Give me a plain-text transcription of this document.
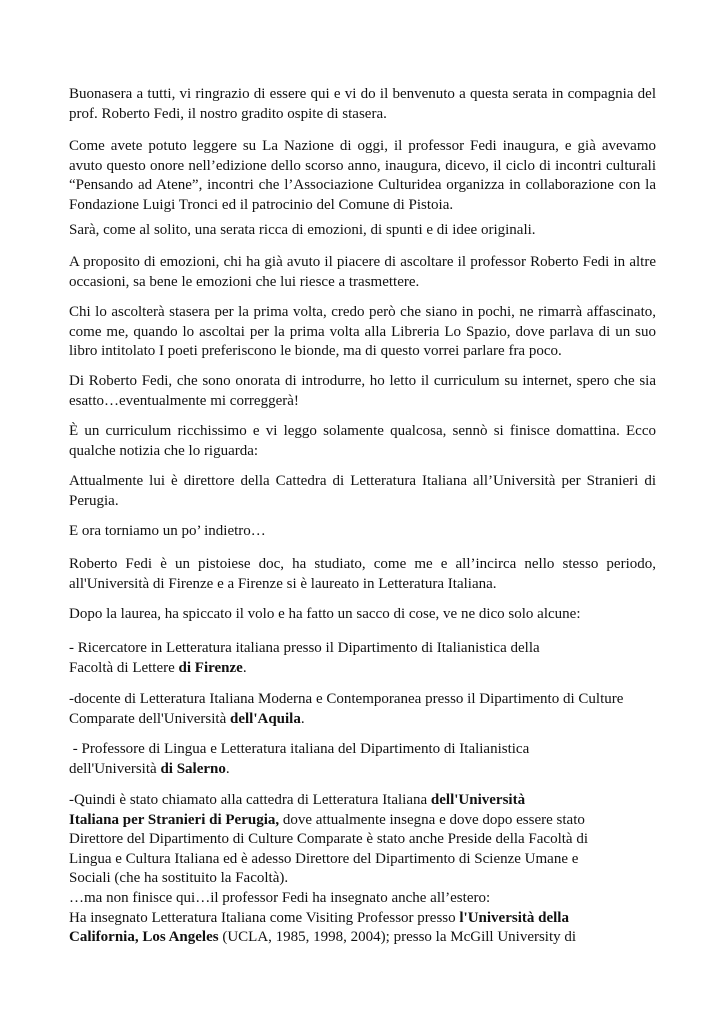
Buonasera a tutti, vi ringrazio di essere qui e vi do il benvenuto a questa serata in compagnia del prof. Roberto Fedi, il nostro gradito ospite di stasera.

Come avete potuto leggere su La Nazione di oggi, il professor Fedi inaugura, e già avevamo avuto questo onore nell’edizione dello scorso anno, inaugura, dicevo, il ciclo di incontri culturali “Pensando ad Atene”, incontri che l’Associazione Culturidea organizza in collaborazione con la Fondazione Luigi Tronci ed il patrocinio del Comune di Pistoia.

Sarà, come al solito, una serata ricca di emozioni, di spunti e di idee originali.

A proposito di emozioni, chi ha già avuto il piacere di ascoltare il professor Roberto Fedi in altre occasioni, sa bene le emozioni che lui riesce a trasmettere.

Chi lo ascolterà stasera per la prima volta, credo però che siano in pochi, ne rimarrà affascinato, come me, quando lo ascoltai per la prima volta alla Libreria Lo Spazio, dove parlava di un suo libro intitolato I poeti preferiscono le bionde, ma di questo vorrei parlare fra poco.

Di Roberto Fedi, che sono onorata di introdurre, ho letto il curriculum su internet, spero che sia esatto…eventualmente mi correggerà!

È un curriculum ricchissimo e vi leggo solamente qualcosa, sennò si finisce domattina. Ecco qualche notizia che lo riguarda:

Attualmente lui è direttore della Cattedra di Letteratura Italiana all’Università per Stranieri di Perugia.

E ora torniamo un po’ indietro…

Roberto Fedi è un pistoiese doc, ha studiato, come me e all’incirca nello stesso periodo, all'Università di Firenze e a Firenze si è laureato in Letteratura Italiana.

Dopo la laurea, ha spiccato il volo e ha fatto un sacco di cose, ve ne dico solo alcune:

- Ricercatore in Letteratura italiana presso il Dipartimento di Italianistica della
Facoltà di Lettere di Firenze.
-docente di Letteratura Italiana Moderna e Contemporanea presso il Dipartimento di Culture
Comparate dell'Università dell'Aquila.
- Professore di Lingua e Letteratura italiana del Dipartimento di Italianistica
dell'Università di Salerno.
-Quindi è stato chiamato alla cattedra di Letteratura Italiana dell'Università
Italiana per Stranieri di Perugia, dove attualmente insegna e dove dopo essere stato
Direttore del Dipartimento di Culture Comparate è stato anche Preside della Facoltà di
Lingua e Cultura Italiana ed è adesso Direttore del Dipartimento di Scienze Umane e
Sociali (che ha sostituito la Facoltà).
…ma non finisce qui…il professor Fedi ha insegnato anche all’estero:
Ha insegnato Letteratura Italiana come Visiting Professor presso l'Università della
California, Los Angeles (UCLA, 1985, 1998, 2004); presso la McGill University di
